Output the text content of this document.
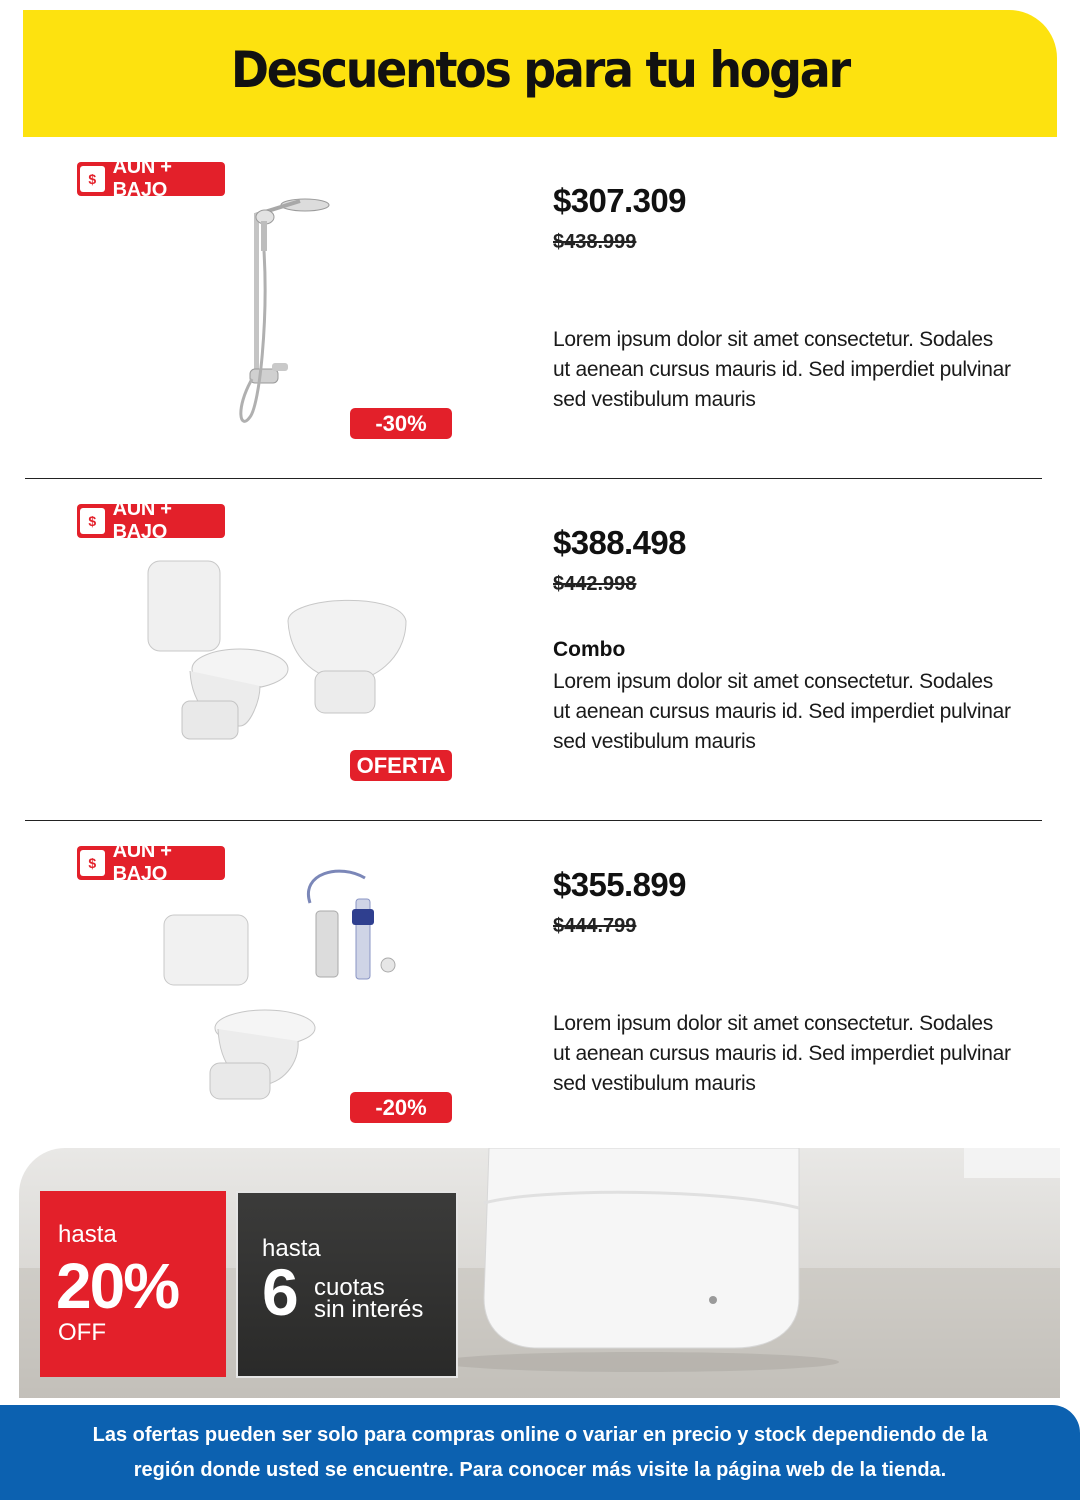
Descuentos para tu hogar
$
AUN + BAJO
-30%
$307.309
$438.999
Lorem ipsum dolor sit amet consectetur. Sodales ut aenean cursus mauris id. Sed imperdiet pulvinar sed vestibulum mauris
$
AUN + BAJO
OFERTA
$388.498
$442.998
Combo
Lorem ipsum dolor sit amet consectetur. Sodales ut aenean cursus mauris id. Sed imperdiet pulvinar sed vestibulum mauris
$
AUN + BAJO
-20%
$355.899
$444.799
Lorem ipsum dolor sit amet consectetur. Sodales ut aenean cursus mauris id. Sed imperdiet pulvinar sed vestibulum mauris
hasta
20%
OFF
hasta
6 cuotas
sin interés

Las ofertas pueden ser solo para compras online o variar en precio y stock dependiendo de la región donde usted se encuentre. Para conocer más visite la página web de la tienda.
